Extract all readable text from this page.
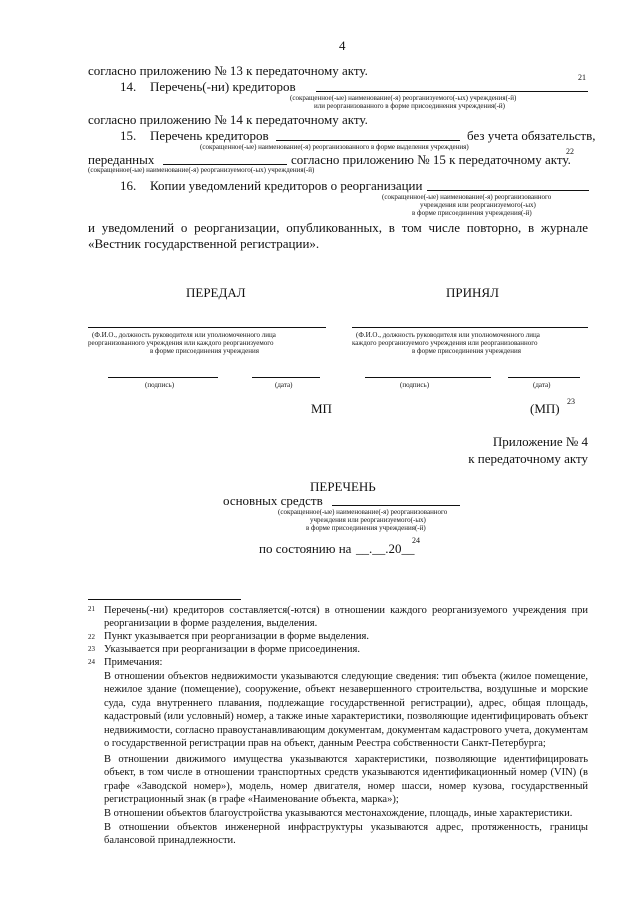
4
согласно приложению № 13 к передаточному акту.
14. Перечень(-ни) кредиторов
21
(сокращенное(-ые) наименование(-я) реорганизуемого(-ых) учреждения(-й)
или реорганизованного в форме присоединения учреждения(-й)
согласно приложению № 14 к передаточному акту.
15. Перечень кредиторов	без учета обязательств,
(сокращенное(-ые) наименование(-я) реорганизованного в форме выделения учреждения)
переданных	согласно приложению № 15 к передаточному акту.
22
(сокращенное(-ые) наименование(-я) реорганизуемого(-ых) учреждения(-й)
16. Копии уведомлений кредиторов о реорганизации
(сокращенное(-ые) наименование(-я) реорганизованного
учреждения или реорганизуемого(-ых)
в форме присоединения учреждения(-й)
и уведомлений о реорганизации, опубликованных, в том числе повторно, в журнале «Вестник государственной регистрации».
ПЕРЕДАЛ	ПРИНЯЛ
(Ф.И.О., должность руководителя или уполномоченного лица
реорганизованного учреждения или каждого реорганизуемого
в форме присоединения учреждения
(Ф.И.О., должность руководителя или уполномоченного лица
каждого реорганизуемого учреждения или реорганизованного
в форме присоединения учреждения
(подпись)	(дата)	(подпись)	(дата)
МП	(МП) 23
Приложение № 4
к передаточному акту
ПЕРЕЧЕНЬ
основных средств
(сокращенное(-ые) наименование(-я) реорганизованного
учреждения или реорганизуемого(-ых)
в форме присоединения учреждения(-й)
по состоянию на __.__.20__
24
21 Перечень(-ни) кредиторов составляется(-ются) в отношении каждого реорганизуемого учреждения при реорганизации в форме разделения, выделения.
22 Пункт указывается при реорганизации в форме выделения.
23 Указывается при реорганизации в форме присоединения.
24 Примечания:
В отношении объектов недвижимости указываются следующие сведения: тип объекта (жилое помещение, нежилое здание (помещение), сооружение, объект незавершенного строительства, воздушные и морские суда, суда внутреннего плавания, подлежащие государственной регистрации), адрес, общая площадь, кадастровый (или условный) номер, а также иные характеристики, позволяющие идентифицировать объект недвижимости, согласно правоустанавливающим документам, документам кадастрового учета, документам о государственной регистрации прав на объект, данным Реестра собственности Санкт-Петербурга;
В отношении движимого имущества указываются характеристики, позволяющие идентифицировать объект, в том числе в отношении транспортных средств указываются идентификационный номер (VIN) (в графе «Заводской номер»), модель, номер двигателя, номер шасси, номер кузова, государственный регистрационный знак (в графе «Наименование объекта, марка»);
В отношении объектов благоустройства указываются местонахождение, площадь, иные характеристики.
В отношении объектов инженерной инфраструктуры указываются адрес, протяженность, границы балансовой принадлежности.
